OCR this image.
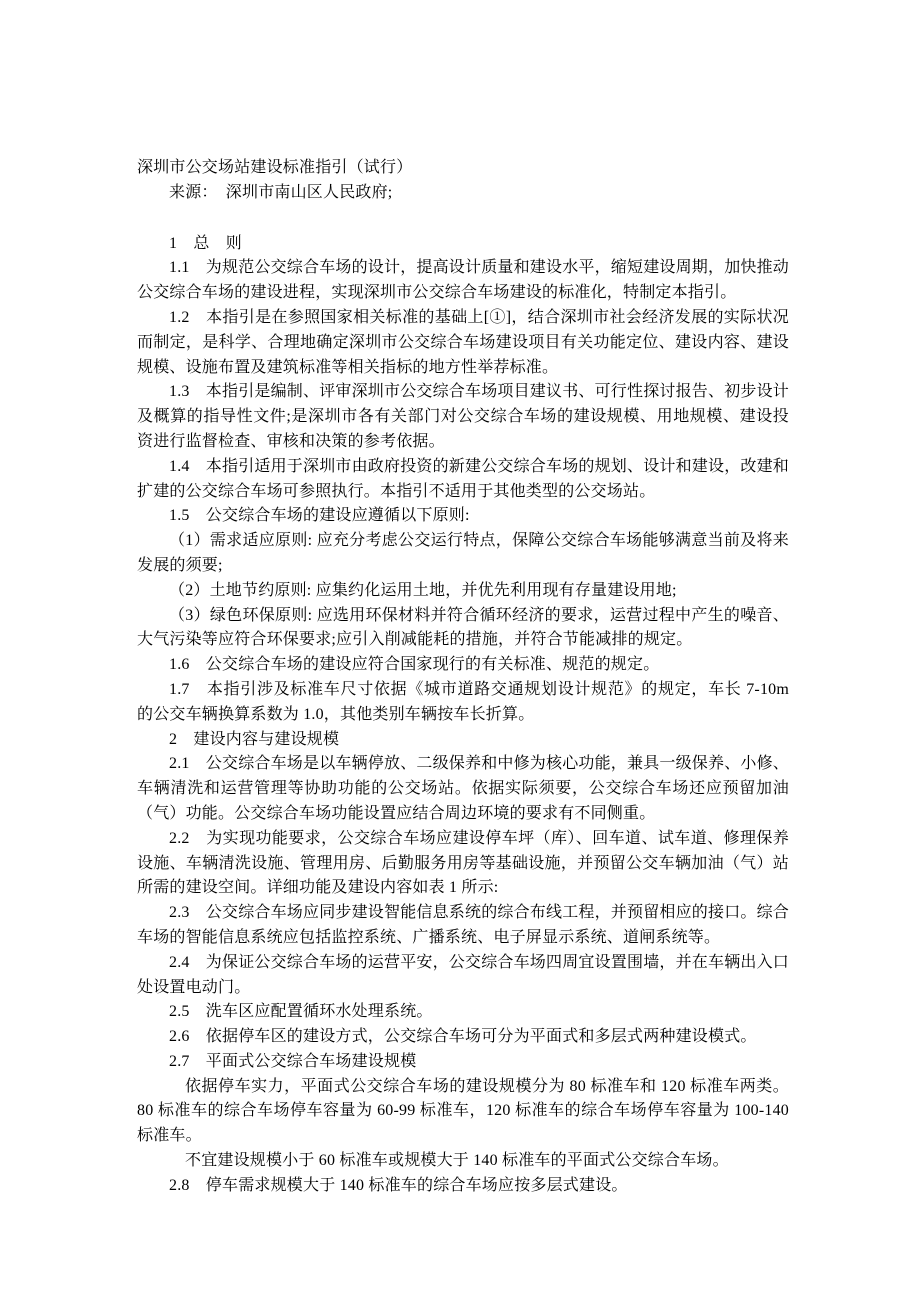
深圳市公交场站建设标准指引（试行）

来源：　深圳市南山区人民政府;

1　总　则

1.1　为规范公交综合车场的设计，提高设计质量和建设水平，缩短建设周期，加快推动公交综合车场的建设进程，实现深圳市公交综合车场建设的标准化，特制定本指引。

1.2　本指引是在参照国家相关标准的基础上[①]，结合深圳市社会经济发展的实际状况而制定，是科学、合理地确定深圳市公交综合车场建设项目有关功能定位、建设内容、建设规模、设施布置及建筑标准等相关指标的地方性举荐标准。

1.3　本指引是编制、评审深圳市公交综合车场项目建议书、可行性探讨报告、初步设计及概算的指导性文件;是深圳市各有关部门对公交综合车场的建设规模、用地规模、建设投资进行监督检查、审核和决策的参考依据。

1.4　本指引适用于深圳市由政府投资的新建公交综合车场的规划、设计和建设，改建和扩建的公交综合车场可参照执行。本指引不适用于其他类型的公交场站。

1.5　公交综合车场的建设应遵循以下原则:

（1）需求适应原则: 应充分考虑公交运行特点，保障公交综合车场能够满意当前及将来发展的须要;

（2）土地节约原则: 应集约化运用土地，并优先利用现有存量建设用地;

（3）绿色环保原则: 应选用环保材料并符合循环经济的要求，运营过程中产生的噪音、大气污染等应符合环保要求;应引入削减能耗的措施，并符合节能减排的规定。

1.6　公交综合车场的建设应符合国家现行的有关标准、规范的规定。

1.7　本指引涉及标准车尺寸依据《城市道路交通规划设计规范》的规定，车长 7-10m 的公交车辆换算系数为 1.0，其他类别车辆按车长折算。

2　建设内容与建设规模

2.1　公交综合车场是以车辆停放、二级保养和中修为核心功能，兼具一级保养、小修、车辆清洗和运营管理等协助功能的公交场站。依据实际须要，公交综合车场还应预留加油（气）功能。公交综合车场功能设置应结合周边环境的要求有不同侧重。

2.2　为实现功能要求，公交综合车场应建设停车坪（库）、回车道、试车道、修理保养设施、车辆清洗设施、管理用房、后勤服务用房等基础设施，并预留公交车辆加油（气）站所需的建设空间。详细功能及建设内容如表 1 所示:

2.3　公交综合车场应同步建设智能信息系统的综合布线工程，并预留相应的接口。综合车场的智能信息系统应包括监控系统、广播系统、电子屏显示系统、道闸系统等。

2.4　为保证公交综合车场的运营平安，公交综合车场四周宜设置围墙，并在车辆出入口处设置电动门。

2.5　洗车区应配置循环水处理系统。

2.6　依据停车区的建设方式，公交综合车场可分为平面式和多层式两种建设模式。

2.7　平面式公交综合车场建设规模

依据停车实力，平面式公交综合车场的建设规模分为 80 标准车和 120 标准车两类。80 标准车的综合车场停车容量为 60-99 标准车，120 标准车的综合车场停车容量为 100-140 标准车。

不宜建设规模小于 60 标准车或规模大于 140 标准车的平面式公交综合车场。

2.8　停车需求规模大于 140 标准车的综合车场应按多层式建设。
